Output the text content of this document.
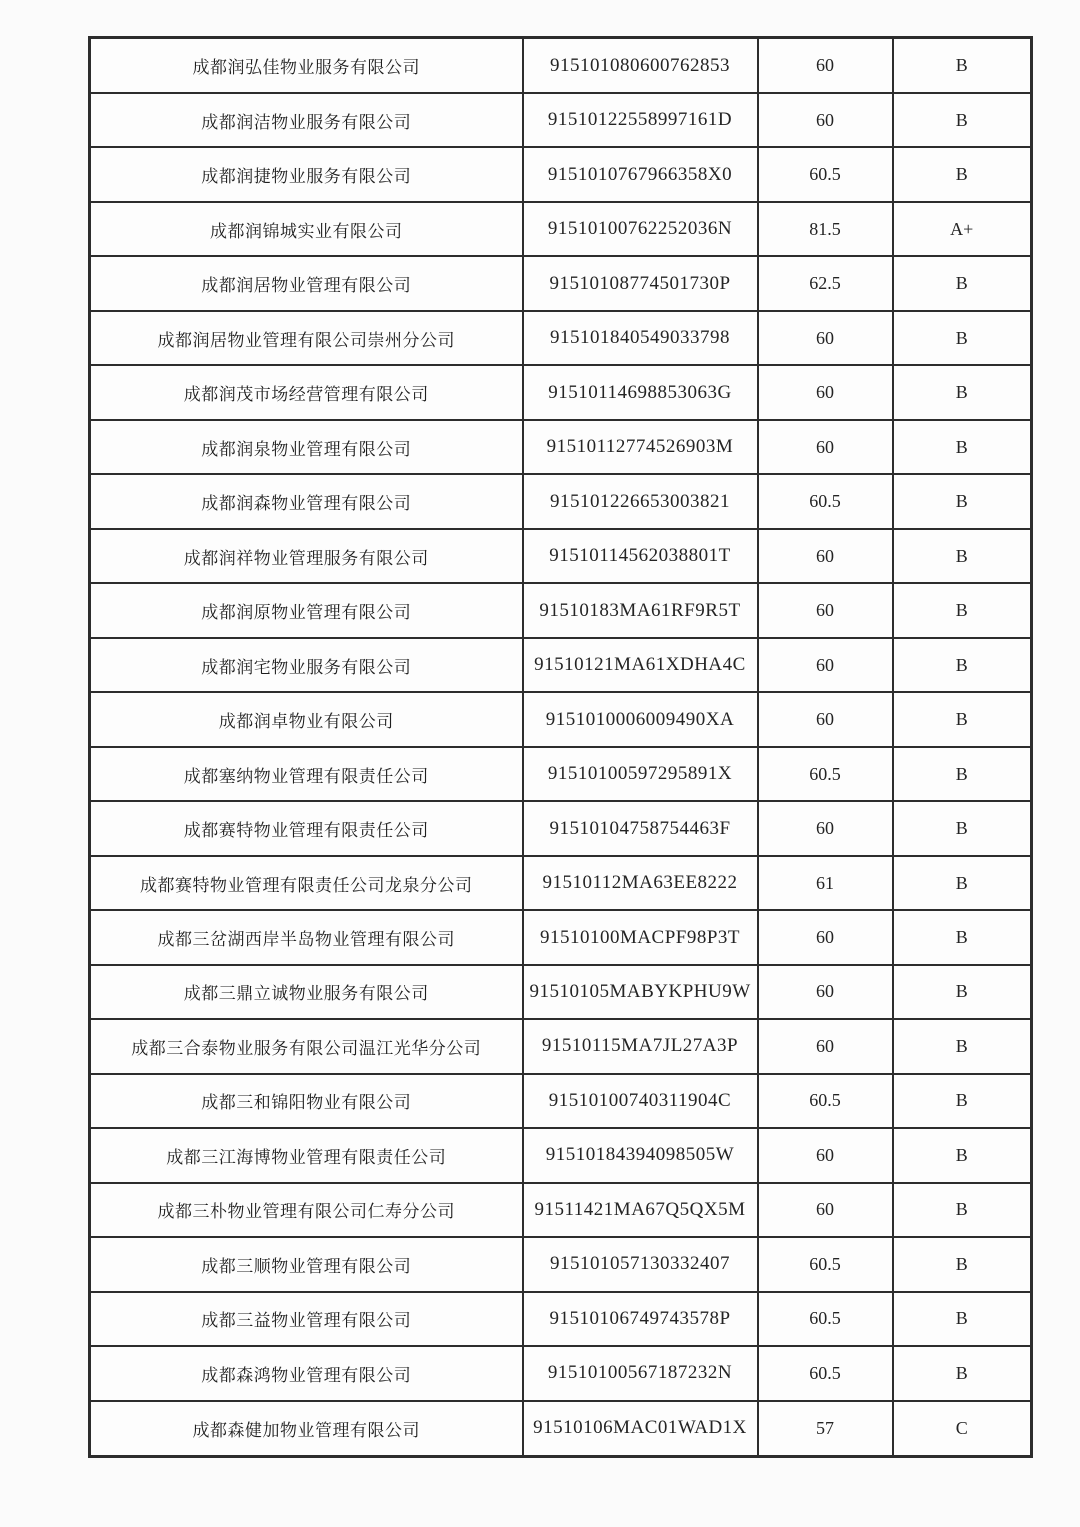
成都润弘佳物业服务有限公司	915101080600762853	60	B
成都润洁物业服务有限公司	91510122558997161D	60	B
成都润捷物业服务有限公司	9151010767966358X0	60.5	B
成都润锦城实业有限公司	91510100762252036N	81.5	A+
成都润居物业管理有限公司	91510108774501730P	62.5	B
成都润居物业管理有限公司崇州分公司	915101840549033798	60	B
成都润茂市场经营管理有限公司	91510114698853063G	60	B
成都润泉物业管理有限公司	91510112774526903M	60	B
成都润森物业管理有限公司	915101226653003821	60.5	B
成都润祥物业管理服务有限公司	91510114562038801T	60	B
成都润原物业管理有限公司	91510183MA61RF9R5T	60	B
成都润宅物业服务有限公司	91510121MA61XDHA4C	60	B
成都润卓物业有限公司	9151010006009490XA	60	B
成都塞纳物业管理有限责任公司	91510100597295891X	60.5	B
成都赛特物业管理有限责任公司	91510104758754463F	60	B
成都赛特物业管理有限责任公司龙泉分公司	91510112MA63EE8222	61	B
成都三岔湖西岸半岛物业管理有限公司	91510100MACPF98P3T	60	B
成都三鼎立诚物业服务有限公司	91510105MABYKPHU9W	60	B
成都三合泰物业服务有限公司温江光华分公司	91510115MA7JL27A3P	60	B
成都三和锦阳物业有限公司	91510100740311904C	60.5	B
成都三江海博物业管理有限责任公司	91510184394098505W	60	B
成都三朴物业管理有限公司仁寿分公司	91511421MA67Q5QX5M	60	B
成都三顺物业管理有限公司	915101057130332407	60.5	B
成都三益物业管理有限公司	91510106749743578P	60.5	B
成都森鸿物业管理有限公司	91510100567187232N	60.5	B
成都森健加物业管理有限公司	91510106MAC01WAD1X	57	C
